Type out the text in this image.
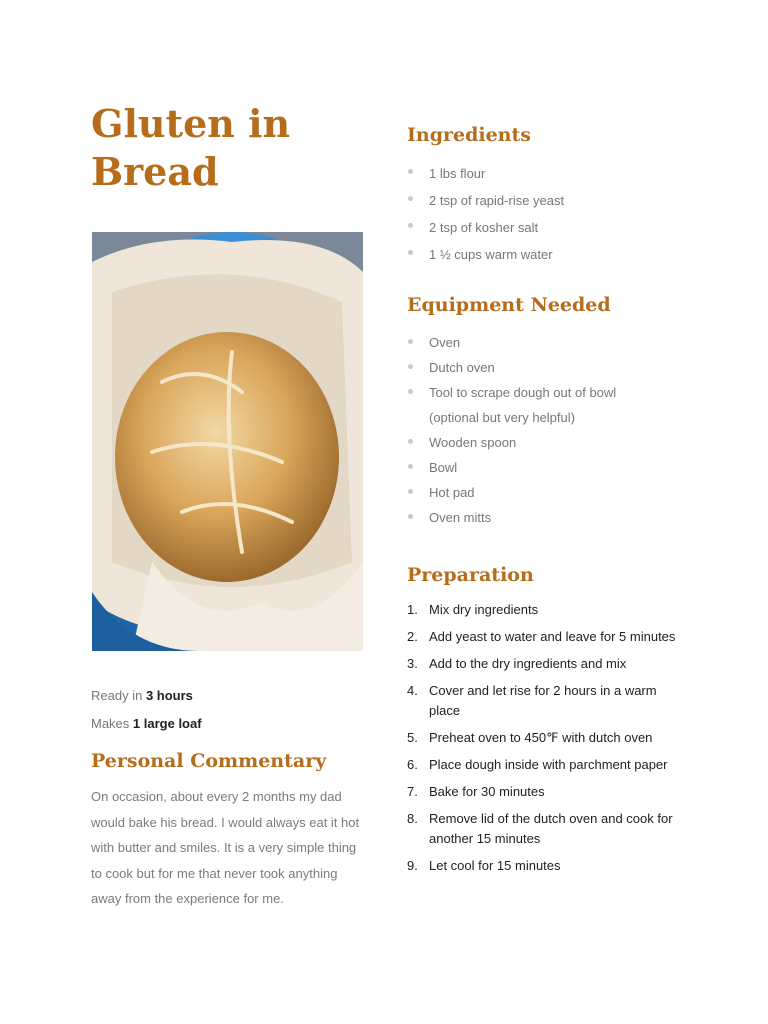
Gluten in Bread
Ready in 3 hours
Makes 1 large loaf
Personal Commentary

On occasion, about every 2 months my dad would bake his bread. I would always eat it hot with butter and smiles. It is a very simple thing to cook but for me that never took anything away from the experience for me.

Ingredients
1 lbs flour
2 tsp of rapid-rise yeast
2 tsp of kosher salt
1 ½ cups warm water
Equipment Needed
Oven
Dutch oven
Tool to scrape dough out of bowl (optional but very helpful)
Wooden spoon
Bowl
Hot pad
Oven mitts
Preparation
1. Mix dry ingredients
2. Add yeast to water and leave for 5 minutes
3. Add to the dry ingredients and mix
4. Cover and let rise for 2 hours in a warm place
5. Preheat oven to 450℉ with dutch oven
6. Place dough inside with parchment paper
7. Bake for 30 minutes
8. Remove lid of the dutch oven and cook for another 15 minutes
9. Let cool for 15 minutes
